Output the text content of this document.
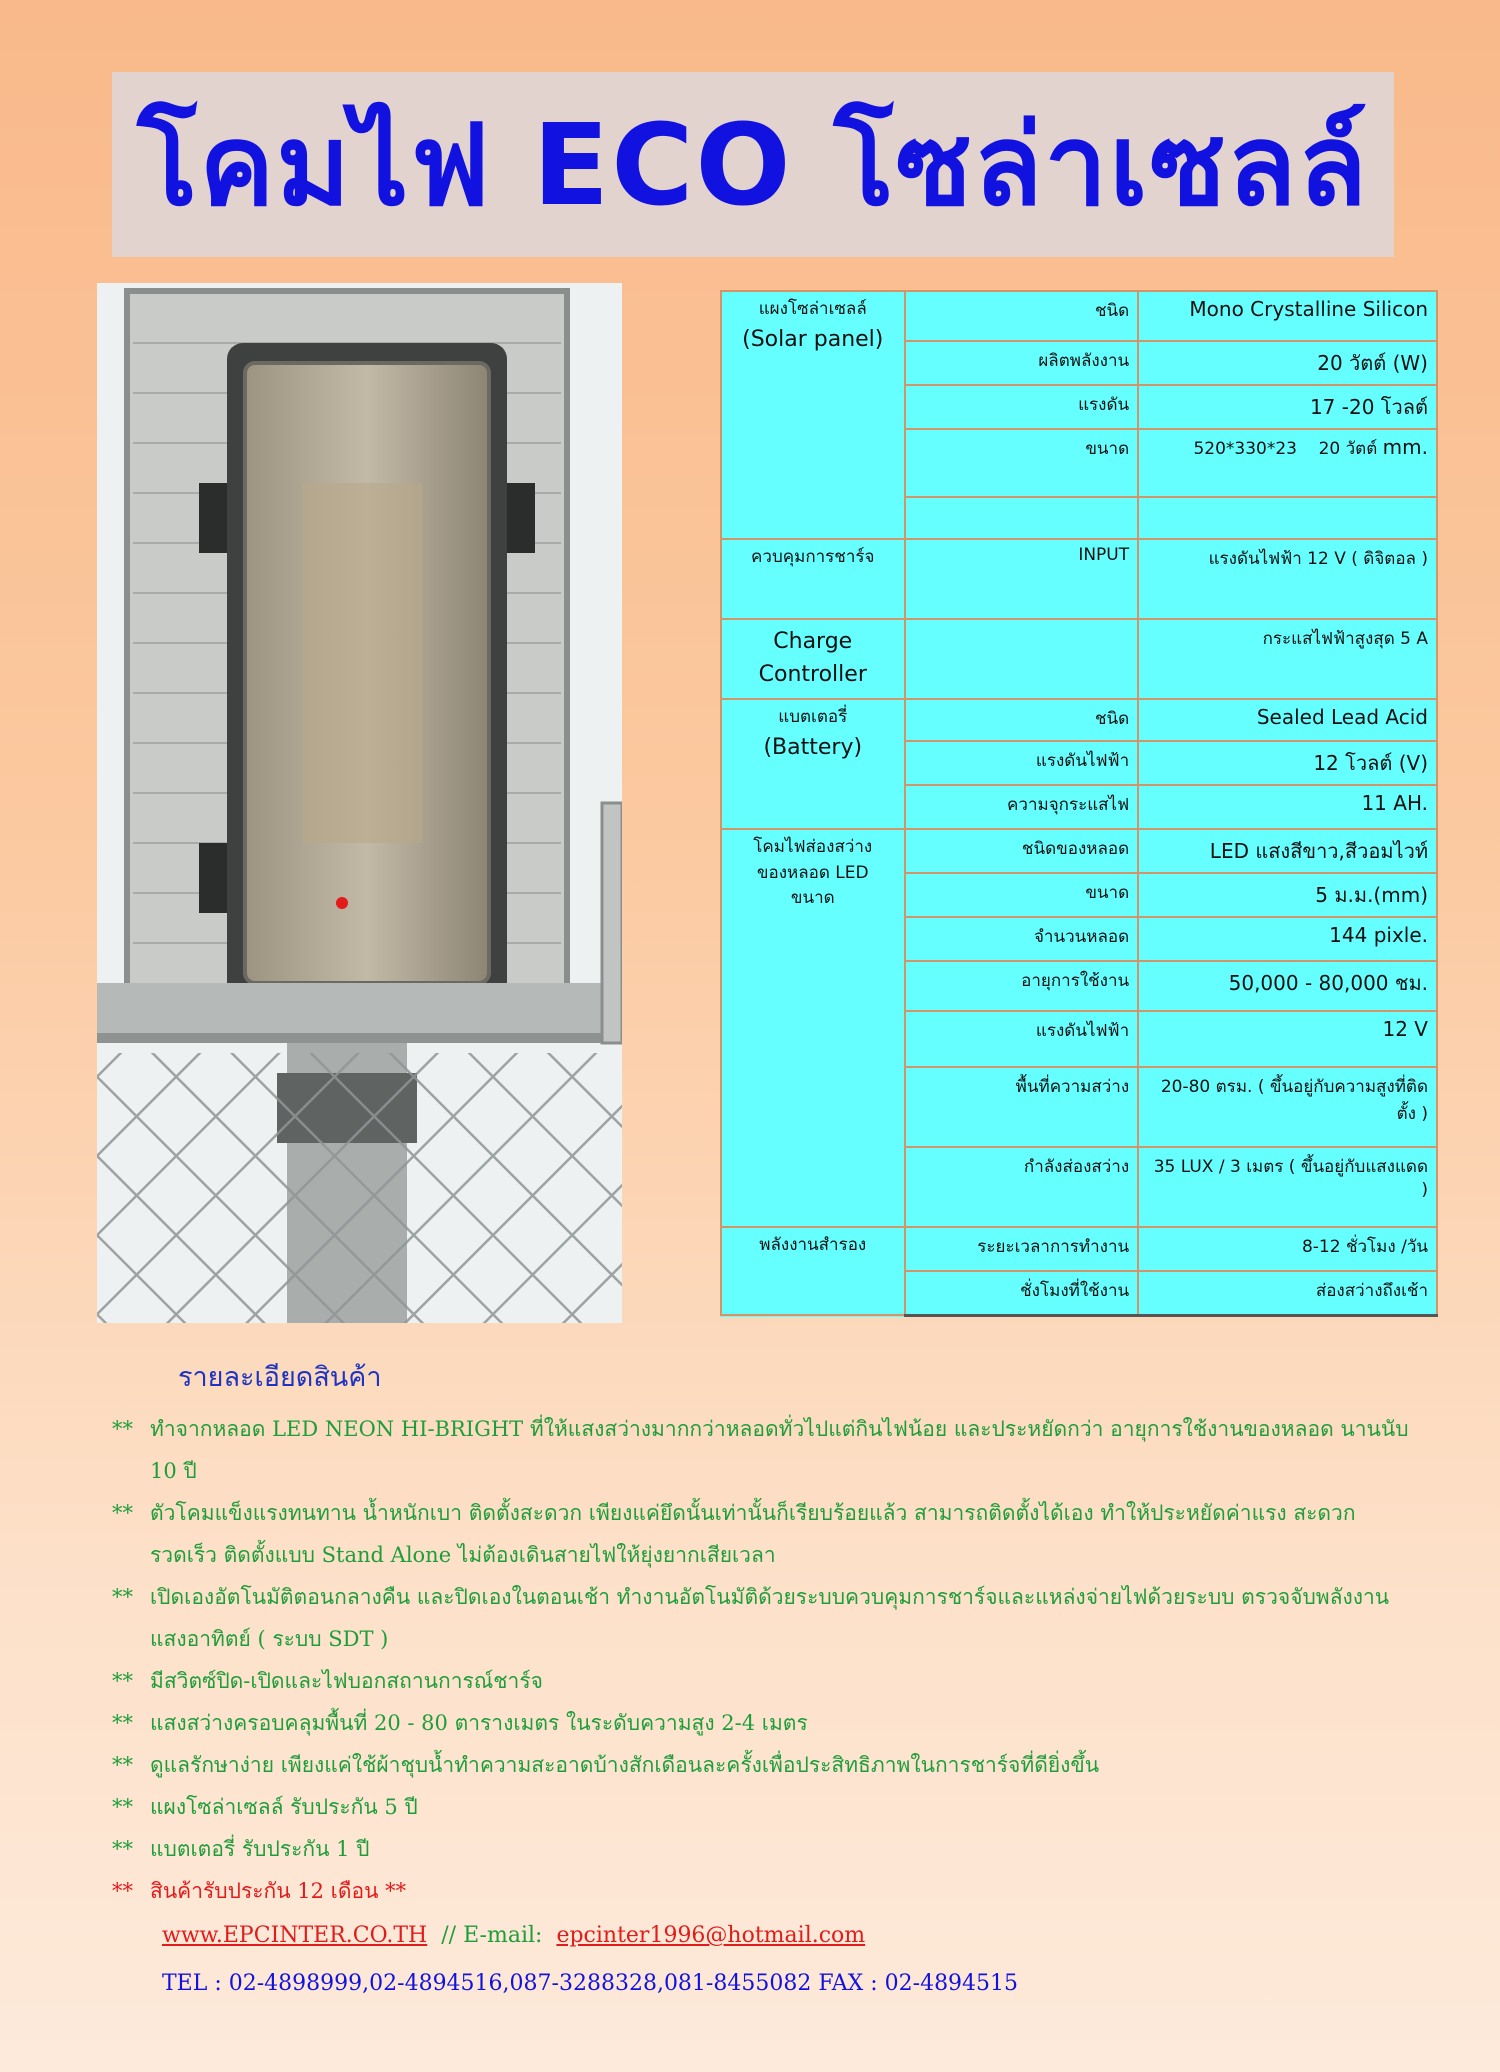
โคมไฟ ECO โซล่าเซลล์
แผงโซล่าเซลล์
(Solar panel)	ชนิด	Mono Crystalline Silicon
	ผลิตพลังงาน	20 วัตต์ (W)
	แรงดัน	17 -20 โวลต์
	ขนาด	520*330*23 20 วัตต์ mm.

ควบคุมการชาร์จ	INPUT	แรงดันไฟฟ้า 12 V ( ดิจิตอล )
Charge Controller		กระแสไฟฟ้าสูงสุด 5 A

แบตเตอรี่
(Battery)	ชนิด	Sealed Lead Acid
	แรงดันไฟฟ้า	12 โวลต์ (V)
	ความจุกระแสไฟ	11 AH.

โคมไฟส่องสว่าง
ของหลอด LED
ขนาด	ชนิดของหลอด	LED แสงสีขาว,สีวอมไวท์
	ขนาด	5 ม.ม.(mm)
	จำนวนหลอด	144 pixle.
	อายุการใช้งาน	50,000 - 80,000 ชม.
	แรงดันไฟฟ้า	12 V
	พื้นที่ความสว่าง	20-80 ตรม. ( ขึ้นอยู่กับความสูงที่ติดตั้ง )
	กำลังส่องสว่าง	35 LUX / 3 เมตร ( ขึ้นอยู่กับแสงแดด )
พลังงานสำรอง	ระยะเวลาการทำงาน	8-12 ชั่วโมง /วัน
	ชั่งโมงที่ใช้งาน	ส่องสว่างถึงเช้า
รายละเอียดสินค้า
** ทำจากหลอด LED NEON HI-BRIGHT ที่ให้แสงสว่างมากกว่าหลอดทั่วไปแต่กินไฟน้อย และประหยัดกว่า อายุการใช้งานของหลอด นานนับ 10 ปี
** ตัวโคมแข็งแรงทนทาน น้ำหนักเบา ติดตั้งสะดวก เพียงแค่ยึดนั้นเท่านั้นก็เรียบร้อยแล้ว สามารถติดตั้งได้เอง ทำให้ประหยัดค่าแรง สะดวก รวดเร็ว ติดตั้งแบบ Stand Alone ไม่ต้องเดินสายไฟให้ยุ่งยากเสียเวลา
** เปิดเองอัตโนมัติตอนกลางคืน และปิดเองในตอนเช้า ทำงานอัตโนมัติด้วยระบบควบคุมการชาร์จและแหล่งจ่ายไฟด้วยระบบ ตรวจจับพลังงานแสงอาทิตย์ ( ระบบ SDT )
** มีสวิตซ์ปิด-เปิดและไฟบอกสถานการณ์ชาร์จ
** แสงสว่างครอบคลุมพื้นที่ 20 - 80 ตารางเมตร ในระดับความสูง 2-4 เมตร
** ดูแลรักษาง่าย เพียงแค่ใช้ผ้าชุบน้ำทำความสะอาดบ้างสักเดือนละครั้งเพื่อประสิทธิภาพในการชาร์จที่ดียิ่งขึ้น
** แผงโซล่าเซลล์ รับประกัน 5 ปี
** แบตเตอรี่ รับประกัน 1 ปี
** สินค้ารับประกัน 12 เดือน **
www.EPCINTER.CO.TH // E-mail: epcinter1996@hotmail.com
TEL : 02-4898999,02-4894516,087-3288328,081-8455082 FAX : 02-4894515
